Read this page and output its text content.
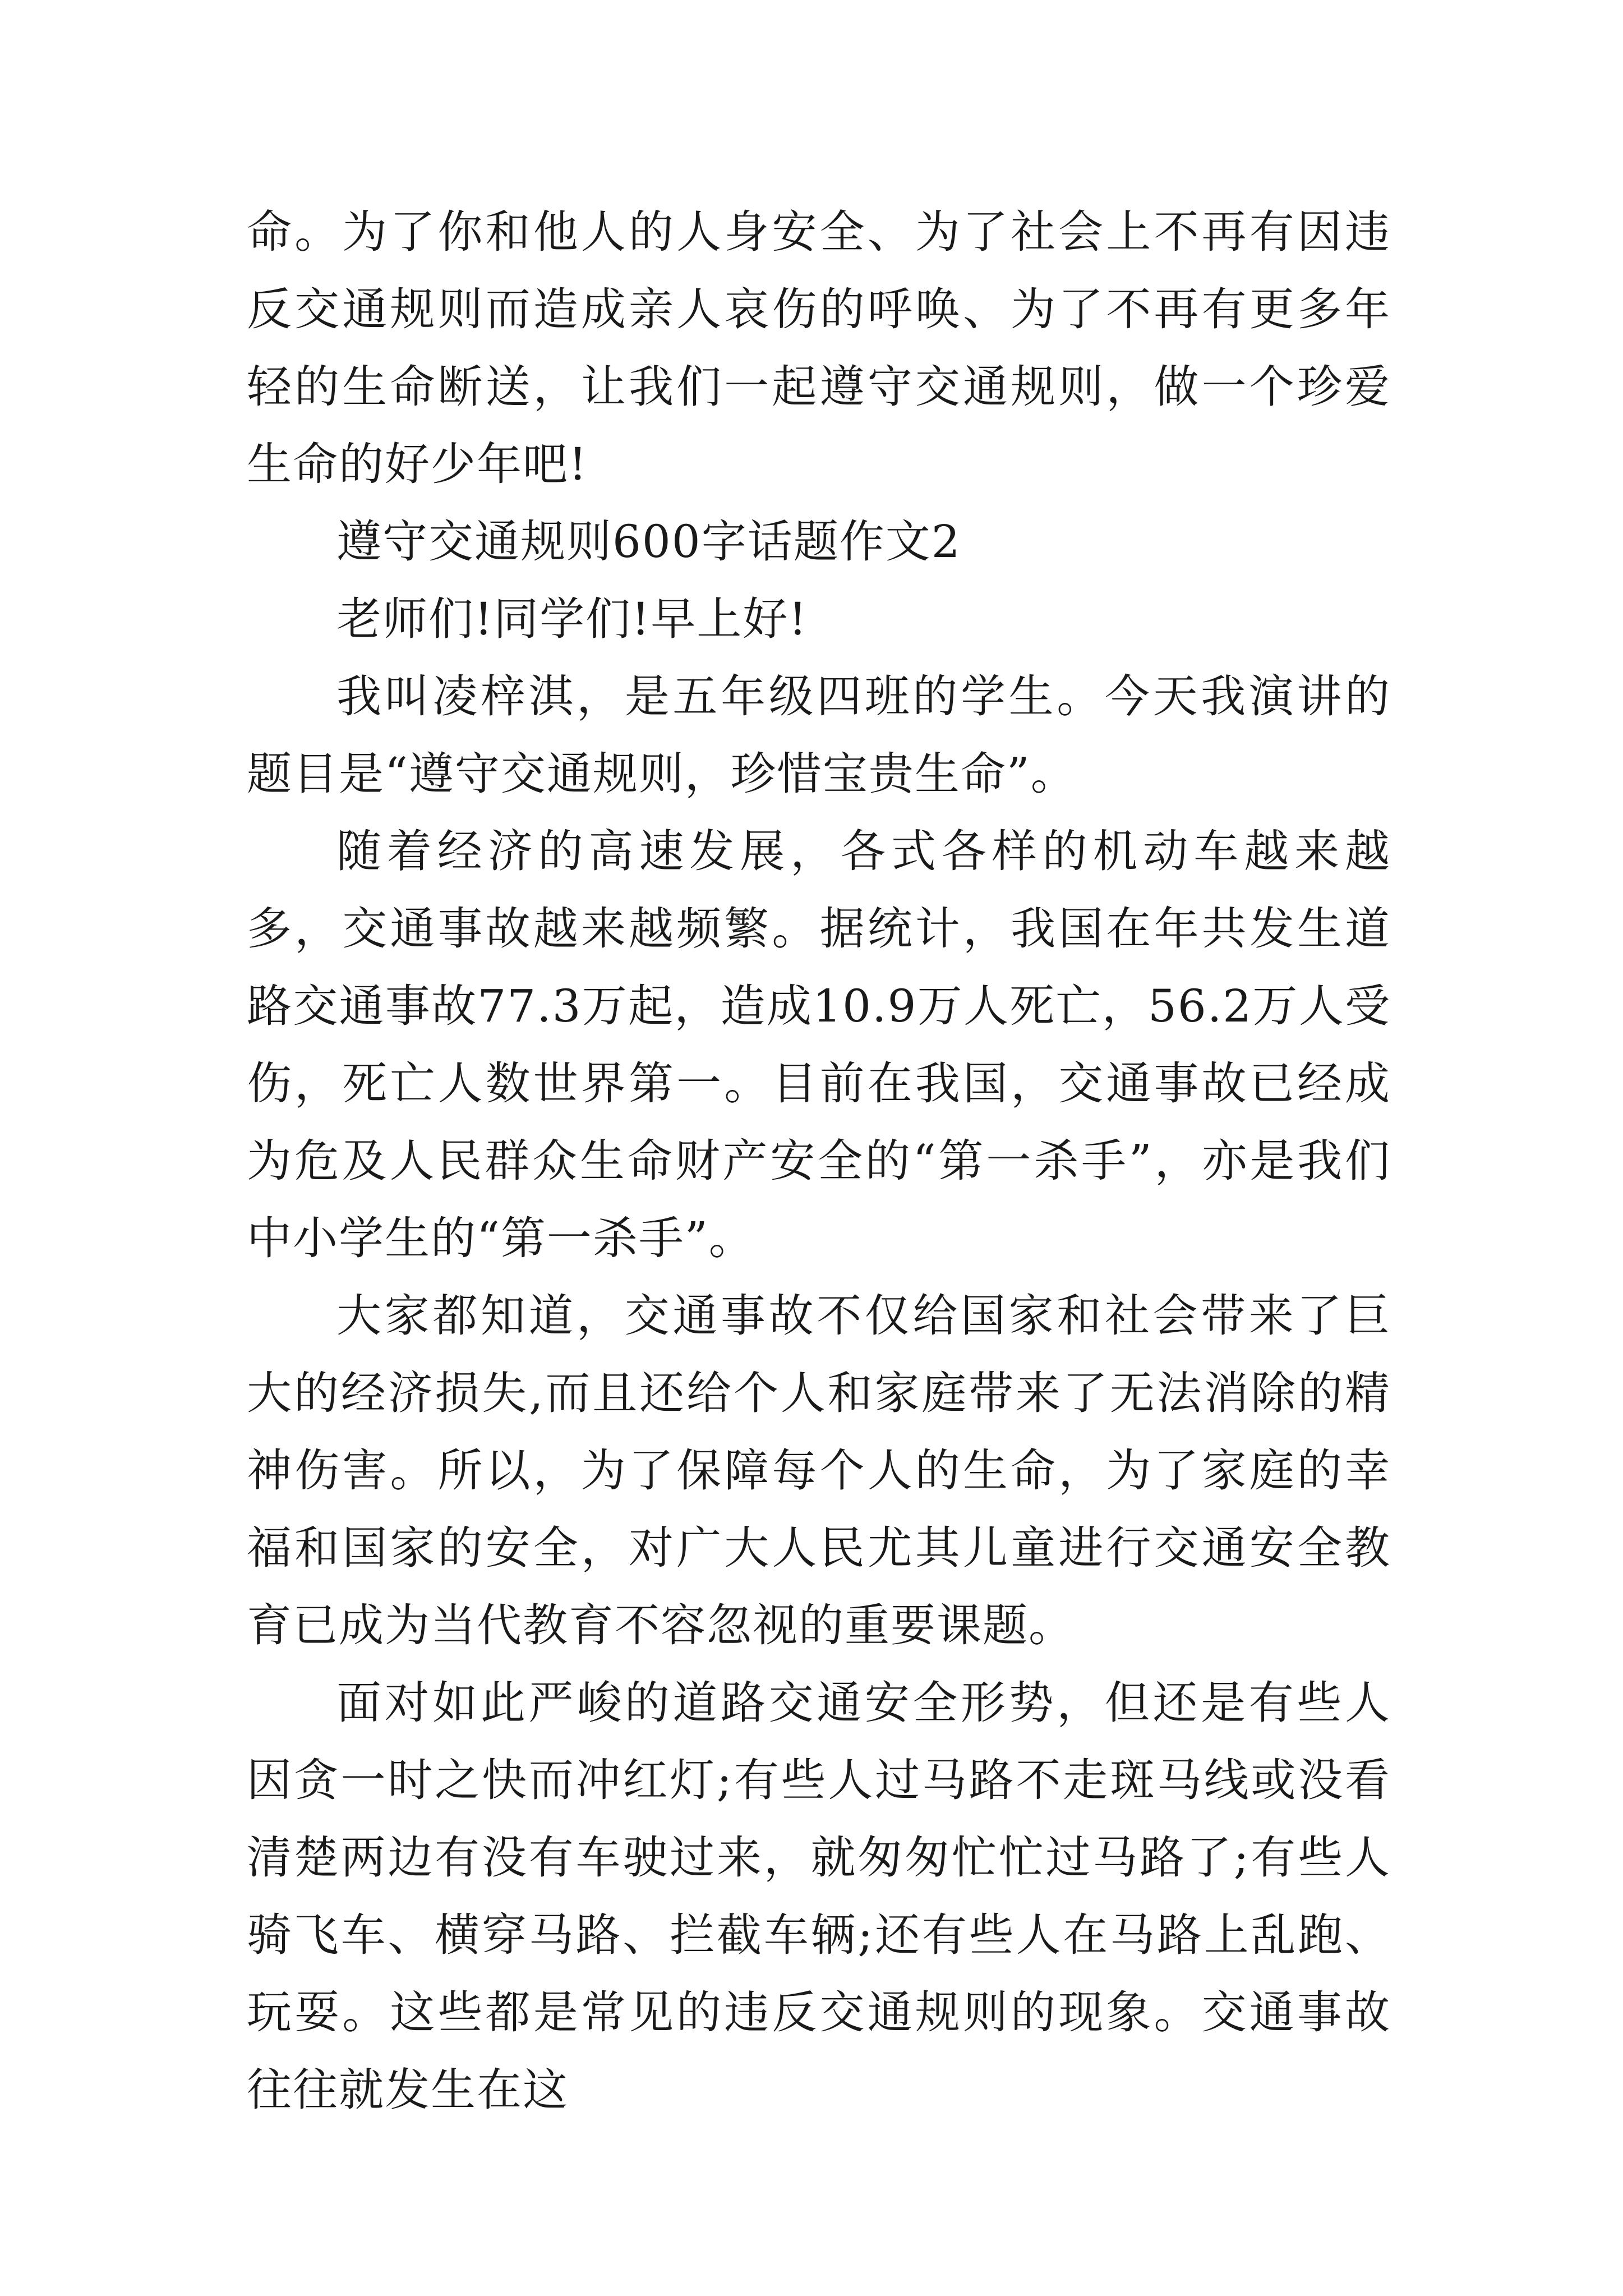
命。为了你和他人的人身安全、为了社会上不再有因违反交通规则而造成亲人哀伤的呼唤、为了不再有更多年轻的生命断送，让我们一起遵守交通规则，做一个珍爱生命的好少年吧!

遵守交通规则600字话题作文2

老师们!同学们!早上好!

我叫凌梓淇，是五年级四班的学生。今天我演讲的题目是“遵守交通规则，珍惜宝贵生命”。

随着经济的高速发展，各式各样的机动车越来越多，交通事故越来越频繁。据统计，我国在年共发生道路交通事故77.3万起，造成10.9万人死亡，56.2万人受伤，死亡人数世界第一。目前在我国，交通事故已经成为危及人民群众生命财产安全的“第一杀手”，亦是我们中小学生的“第一杀手”。

大家都知道，交通事故不仅给国家和社会带来了巨大的经济损失,而且还给个人和家庭带来了无法消除的精神伤害。所以，为了保障每个人的生命，为了家庭的幸福和国家的安全，对广大人民尤其儿童进行交通安全教育已成为当代教育不容忽视的重要课题。

面对如此严峻的道路交通安全形势，但还是有些人因贪一时之快而冲红灯;有些人过马路不走斑马线或没看清楚两边有没有车驶过来，就匆匆忙忙过马路了;有些人骑飞车、横穿马路、拦截车辆;还有些人在马路上乱跑、玩耍。这些都是常见的违反交通规则的现象。交通事故往往就发生在这
